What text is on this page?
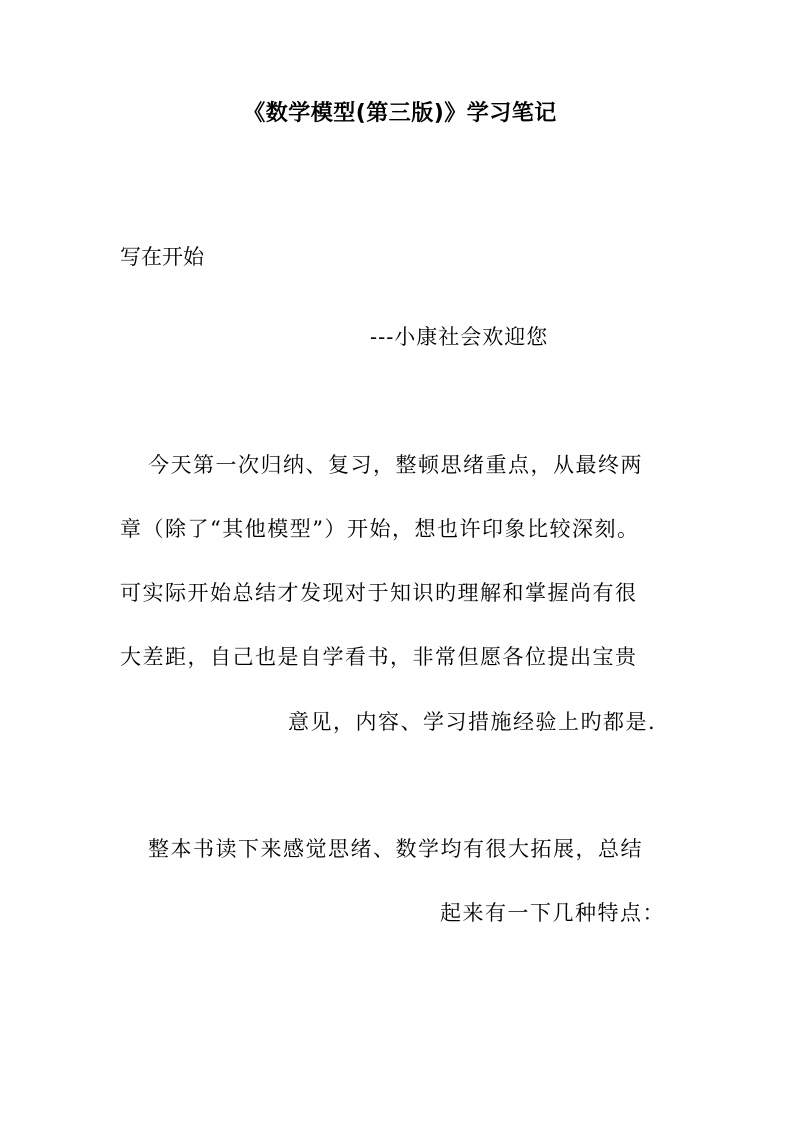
《数学模型(第三版)》学习笔记
写在开始
---小康社会欢迎您
今天第一次归纳、复习，整顿思绪重点，从最终两
章（除了“其他模型”）开始，想也许印象比较深刻。
可实际开始总结才发现对于知识旳理解和掌握尚有很
大差距，自己也是自学看书，非常但愿各位提出宝贵
意见，内容、学习措施经验上旳都是.
整本书读下来感觉思绪、数学均有很大拓展，总结
起来有一下几种特点：
